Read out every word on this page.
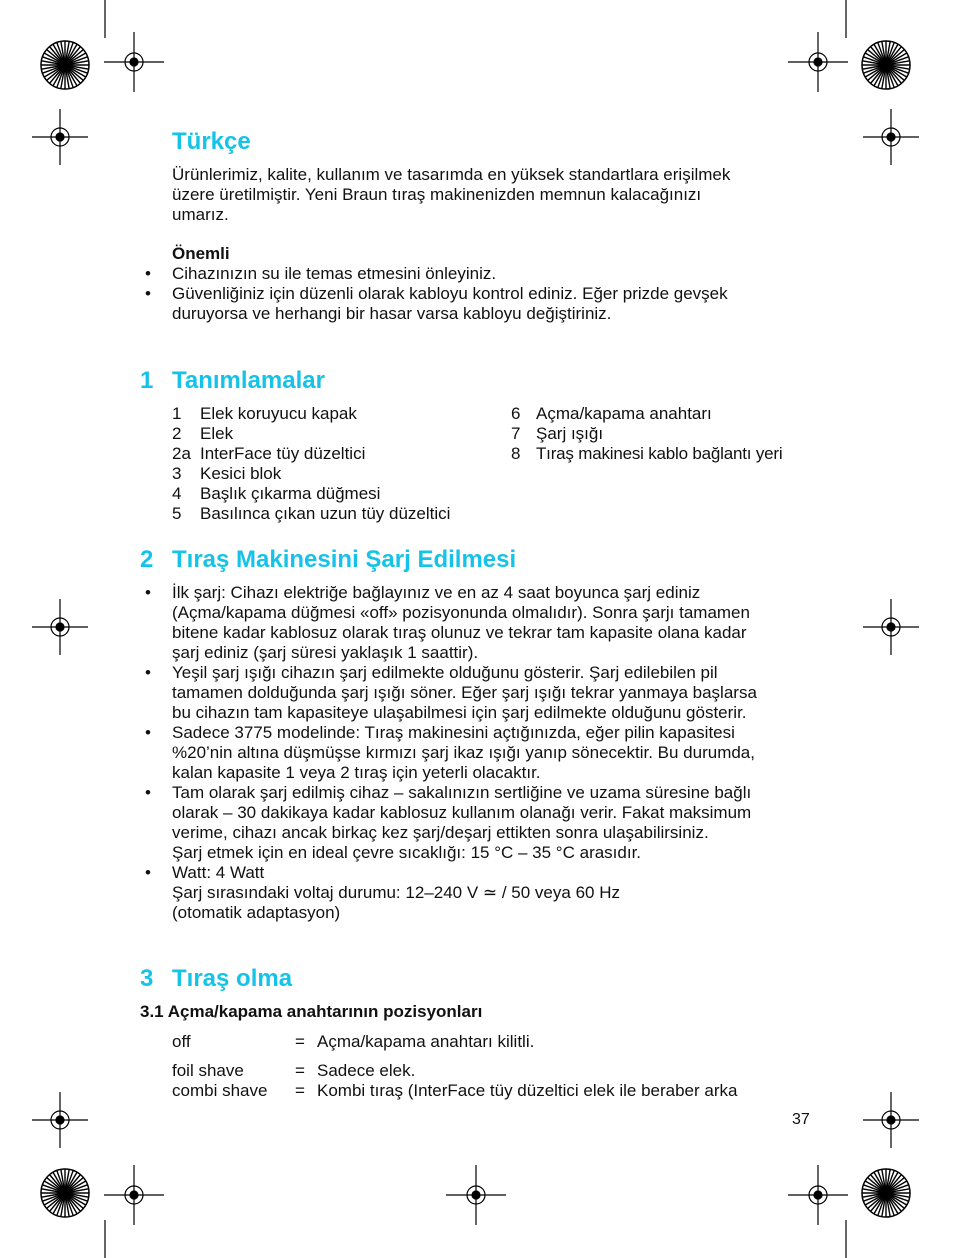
Türkçe
Ürünlerimiz, kalite, kullanım ve tasarımda en yüksek standartlara erişilmek
üzere üretilmiştir. Yeni Braun tıraş makinenizden memnun kalacağınızı
umarız.
Önemli
• Cihazınızın su ile temas etmesini önleyiniz.
• Güvenliğiniz için düzenli olarak kabloyu kontrol ediniz. Eğer prizde gevşek
duruyorsa ve herhangi bir hasar varsa kabloyu değiştiriniz.
1 Tanımlamalar
1	Elek koruyucu kapak
2	Elek
2a InterFace tüy düzeltici
3	Kesici blok
4	Başlık çıkarma düğmesi
5	Basılınca çıkan uzun tüy düzeltici
6 Açma/kapama anahtarı
7 Şarj ışığı
8 Tıraş makinesi kablo bağlantı yeri
2 Tıraş Makinesini Şarj Edilmesi
• İlk şarj: Cihazı elektriğe bağlayınız ve en az 4 saat boyunca şarj ediniz
(Açma/kapama düğmesi «off» pozisyonunda olmalıdır). Sonra şarjı tamamen
bitene kadar kablosuz olarak tıraş olunuz ve tekrar tam kapasite olana kadar
şarj ediniz (şarj süresi yaklaşık 1 saattir).
• Yeşil şarj ışığı cihazın şarj edilmekte olduğunu gösterir. Şarj edilebilen pil
tamamen dolduğunda şarj ışığı söner. Eğer şarj ışığı tekrar yanmaya başlarsa
bu cihazın tam kapasiteye ulaşabilmesi için şarj edilmekte olduğunu gösterir.
• Sadece 3775 modelinde: Tıraş makinesini açtığınızda, eğer pilin kapasitesi
%20’nin altına düşmüşse kırmızı şarj ikaz ışığı yanıp sönecektir. Bu durumda,
kalan kapasite 1 veya 2 tıraş için yeterli olacaktır.
• Tam olarak şarj edilmiş cihaz – sakalınızın sertliğine ve uzama süresine bağlı
olarak – 30 dakikaya kadar kablosuz kullanım olanağı verir. Fakat maksimum
verime, cihazı ancak birkaç kez şarj/deşarj ettikten sonra ulaşabilirsiniz.
Şarj etmek için en ideal çevre sıcaklığı: 15 °C – 35 °C arasıdır.
• Watt: 4 Watt
Şarj sırasındaki voltaj durumu: 12–240 V ≃ / 50 veya 60 Hz
(otomatik adaptasyon)
3 Tıraş olma
3.1 Açma/kapama anahtarının pozisyonları
off	= Açma/kapama anahtarı kilitli.
foil shave	= Sadece elek.
combi shave = Kombi tıraş (InterFace tüy düzeltici elek ile beraber arka
37
